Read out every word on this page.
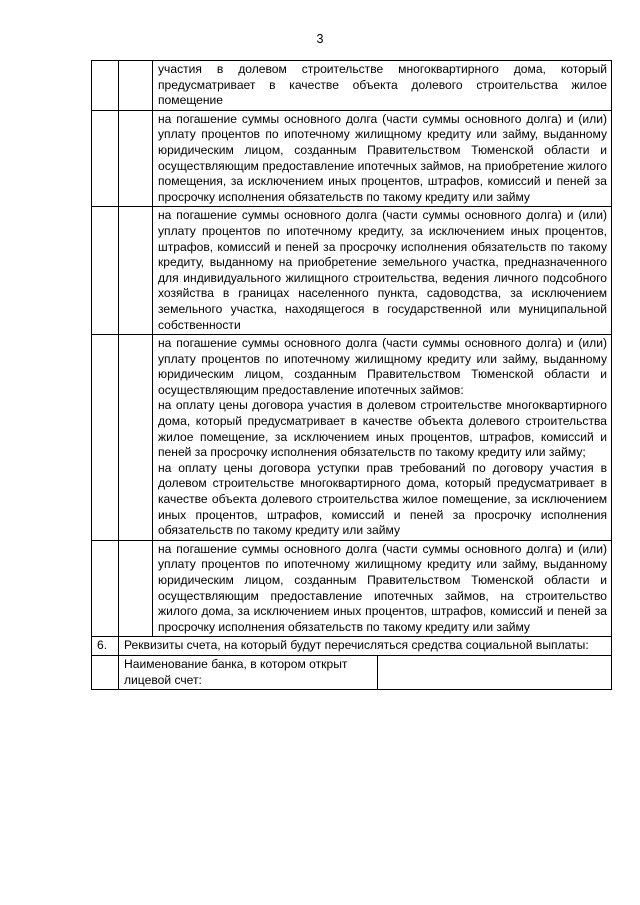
3

		участия в долевом строительстве многоквартирного дома, который предусматривает в качестве объекта долевого строительства жилое помещение	

		на погашение суммы основного долга (части суммы основного долга) и (или) уплату процентов по ипотечному жилищному кредиту или займу, выданному юридическим лицом, созданным Правительством Тюменской области и осуществляющим предоставление ипотечных займов, на приобретение жилого помещения, за исключением иных процентов, штрафов, комиссий и пеней за просрочку исполнения обязательств по такому кредиту или займу	

		на погашение суммы основного долга (части суммы основного долга) и (или) уплату процентов по ипотечному кредиту, за исключением иных процентов, штрафов, комиссий и пеней за просрочку исполнения обязательств по такому кредиту, выданному на приобретение земельного участка, предназначенного для индивидуального жилищного строительства, ведения личного подсобного хозяйства в границах населенного пункта, садоводства, за исключением земельного участка, находящегося в государственной или муниципальной собственности	

		на погашение суммы основного долга (части суммы основного долга) и (или) уплату процентов по ипотечному жилищному кредиту или займу, выданному юридическим лицом, созданным Правительством Тюменской области и осуществляющим предоставление ипотечных займов:

на оплату цены договора участия в долевом строительстве многоквартирного дома, который предусматривает в качестве объекта долевого строительства жилое помещение, за исключением иных процентов, штрафов, комиссий и пеней за просрочку исполнения обязательств по такому кредиту или займу;

на оплату цены договора уступки прав требований по договору участия в долевом строительстве многоквартирного дома, который предусматривает в качестве объекта долевого строительства жилое помещение, за исключением иных процентов, штрафов, комиссий и пеней за просрочку исполнения обязательств по такому кредиту или займу	

		на погашение суммы основного долга (части суммы основного долга) и (или) уплату процентов по ипотечному жилищному кредиту или займу, выданному юридическим лицом, созданным Правительством Тюменской области и осуществляющим предоставление ипотечных займов, на строительство жилого дома, за исключением иных процентов, штрафов, комиссий и пеней за просрочку исполнения обязательств по такому кредиту или займу	

6.	Реквизиты счета, на который будут перечисляться средства социальной выплаты:		
	Наименование банка, в котором открыт лицевой счет:		
